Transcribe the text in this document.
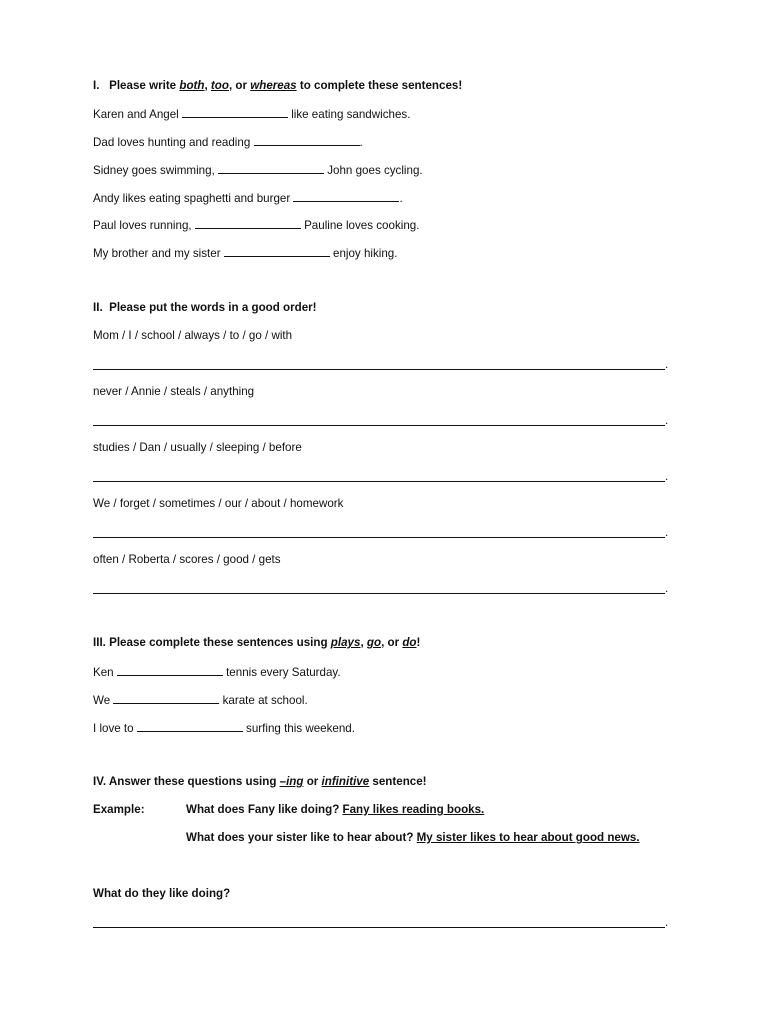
I.   Please write both, too, or whereas to complete these sentences!
Karen and Angel	like eating sandwiches.
Dad loves hunting and reading	.
Sidney goes swimming,	John goes cycling.
Andy likes eating spaghetti and burger	.
Paul loves running,	Pauline loves cooking.
My brother and my sister	enjoy hiking.
II.  Please put the words in a good order!
Mom / I / school / always / to / go / with
.
never / Annie / steals / anything
.
studies / Dan / usually / sleeping / before
.
We / forget / sometimes / our / about / homework
.
often / Roberta / scores / good / gets
.
III. Please complete these sentences using plays, go, or do!
Ken	tennis every Saturday.
We	karate at school.
I love to	surfing this weekend.
IV. Answer these questions using –ing or infinitive sentence!
Example:	What does Fany like doing? Fany likes reading books.
What does your sister like to hear about? My sister likes to hear about good news.
What do they like doing?
.
